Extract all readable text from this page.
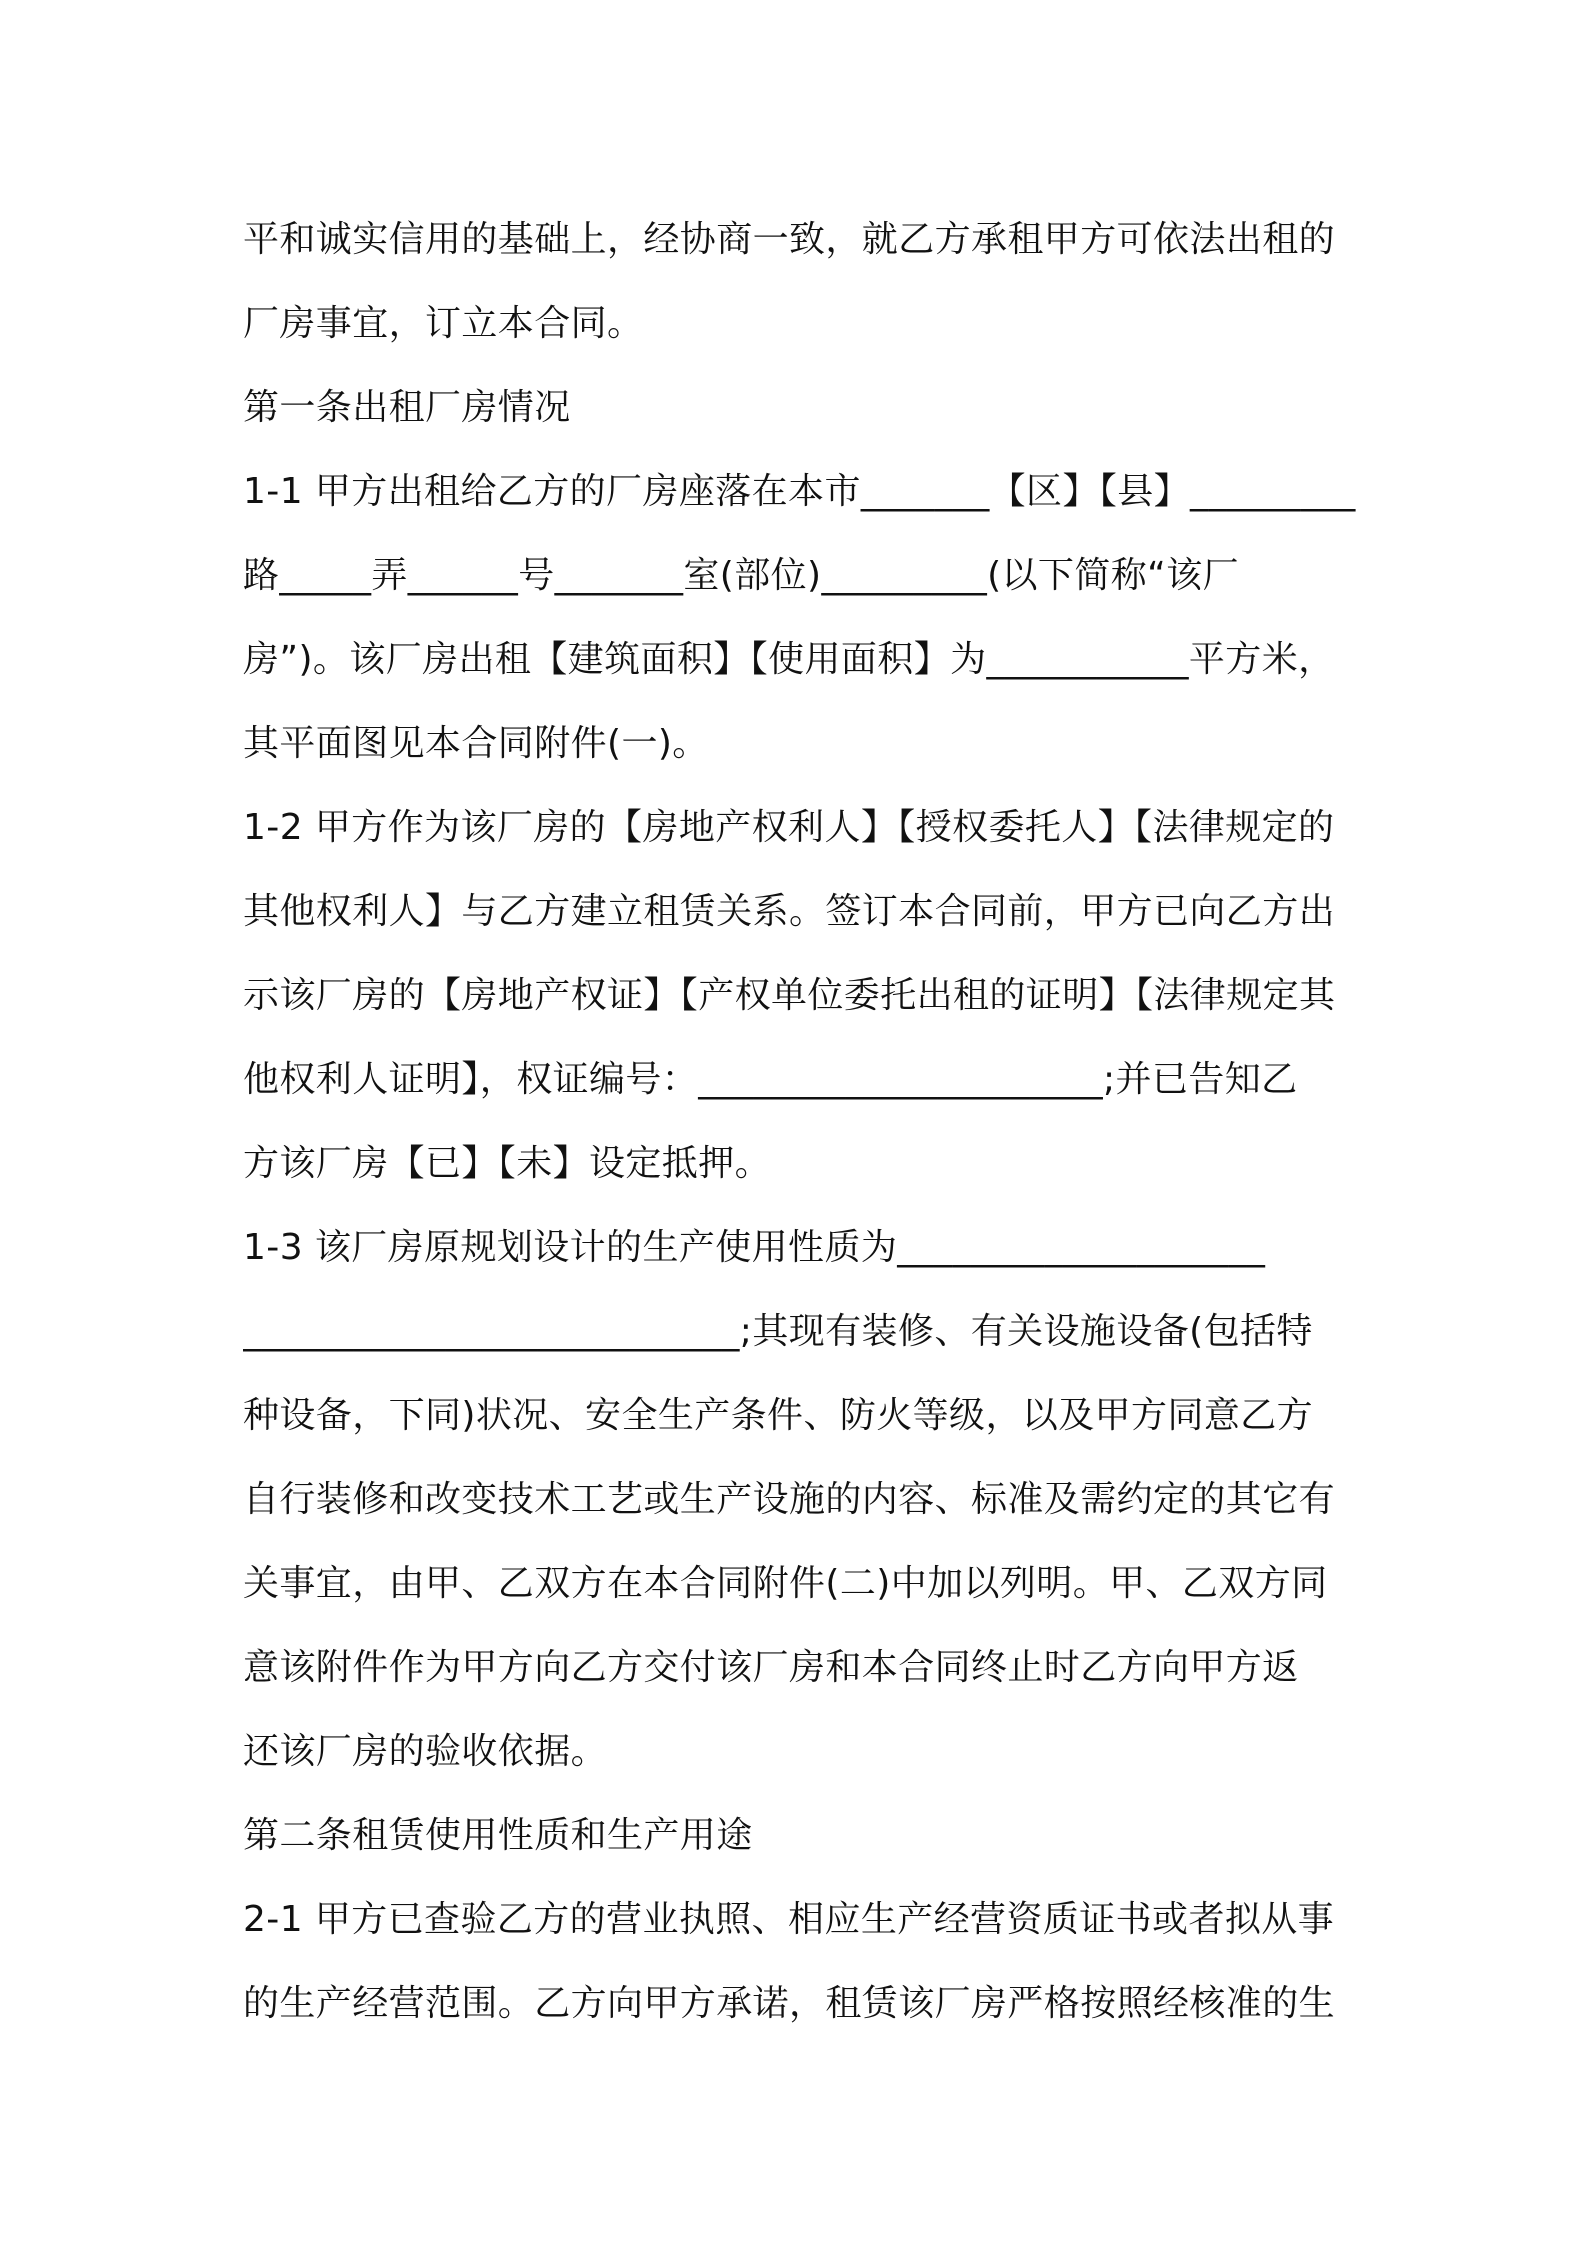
平和诚实信用的基础上，经协商一致，就乙方承租甲方可依法出租的
厂房事宜，订立本合同。
第一条出租厂房情况
1-1 甲方出租给乙方的厂房座落在本市_______【区】【县】_________
路_____弄______号_______室(部位)_________(以下简称“该厂
房”)。该厂房出租【建筑面积】【使用面积】为___________平方米，
其平面图见本合同附件(一)。
1-2 甲方作为该厂房的【房地产权利人】【授权委托人】【法律规定的
其他权利人】与乙方建立租赁关系。签订本合同前，甲方已向乙方出
示该厂房的【房地产权证】【产权单位委托出租的证明】【法律规定其
他权利人证明】，权证编号：______________________;并已告知乙
方该厂房【已】【未】设定抵押。
1-3 该厂房原规划设计的生产使用性质为____________________
___________________________;其现有装修、有关设施设备(包括特
种设备，下同)状况、安全生产条件、防火等级，以及甲方同意乙方
自行装修和改变技术工艺或生产设施的内容、标准及需约定的其它有
关事宜，由甲、乙双方在本合同附件(二)中加以列明。甲、乙双方同
意该附件作为甲方向乙方交付该厂房和本合同终止时乙方向甲方返
还该厂房的验收依据。
第二条租赁使用性质和生产用途
2-1 甲方已查验乙方的营业执照、相应生产经营资质证书或者拟从事
的生产经营范围。乙方向甲方承诺，租赁该厂房严格按照经核准的生
